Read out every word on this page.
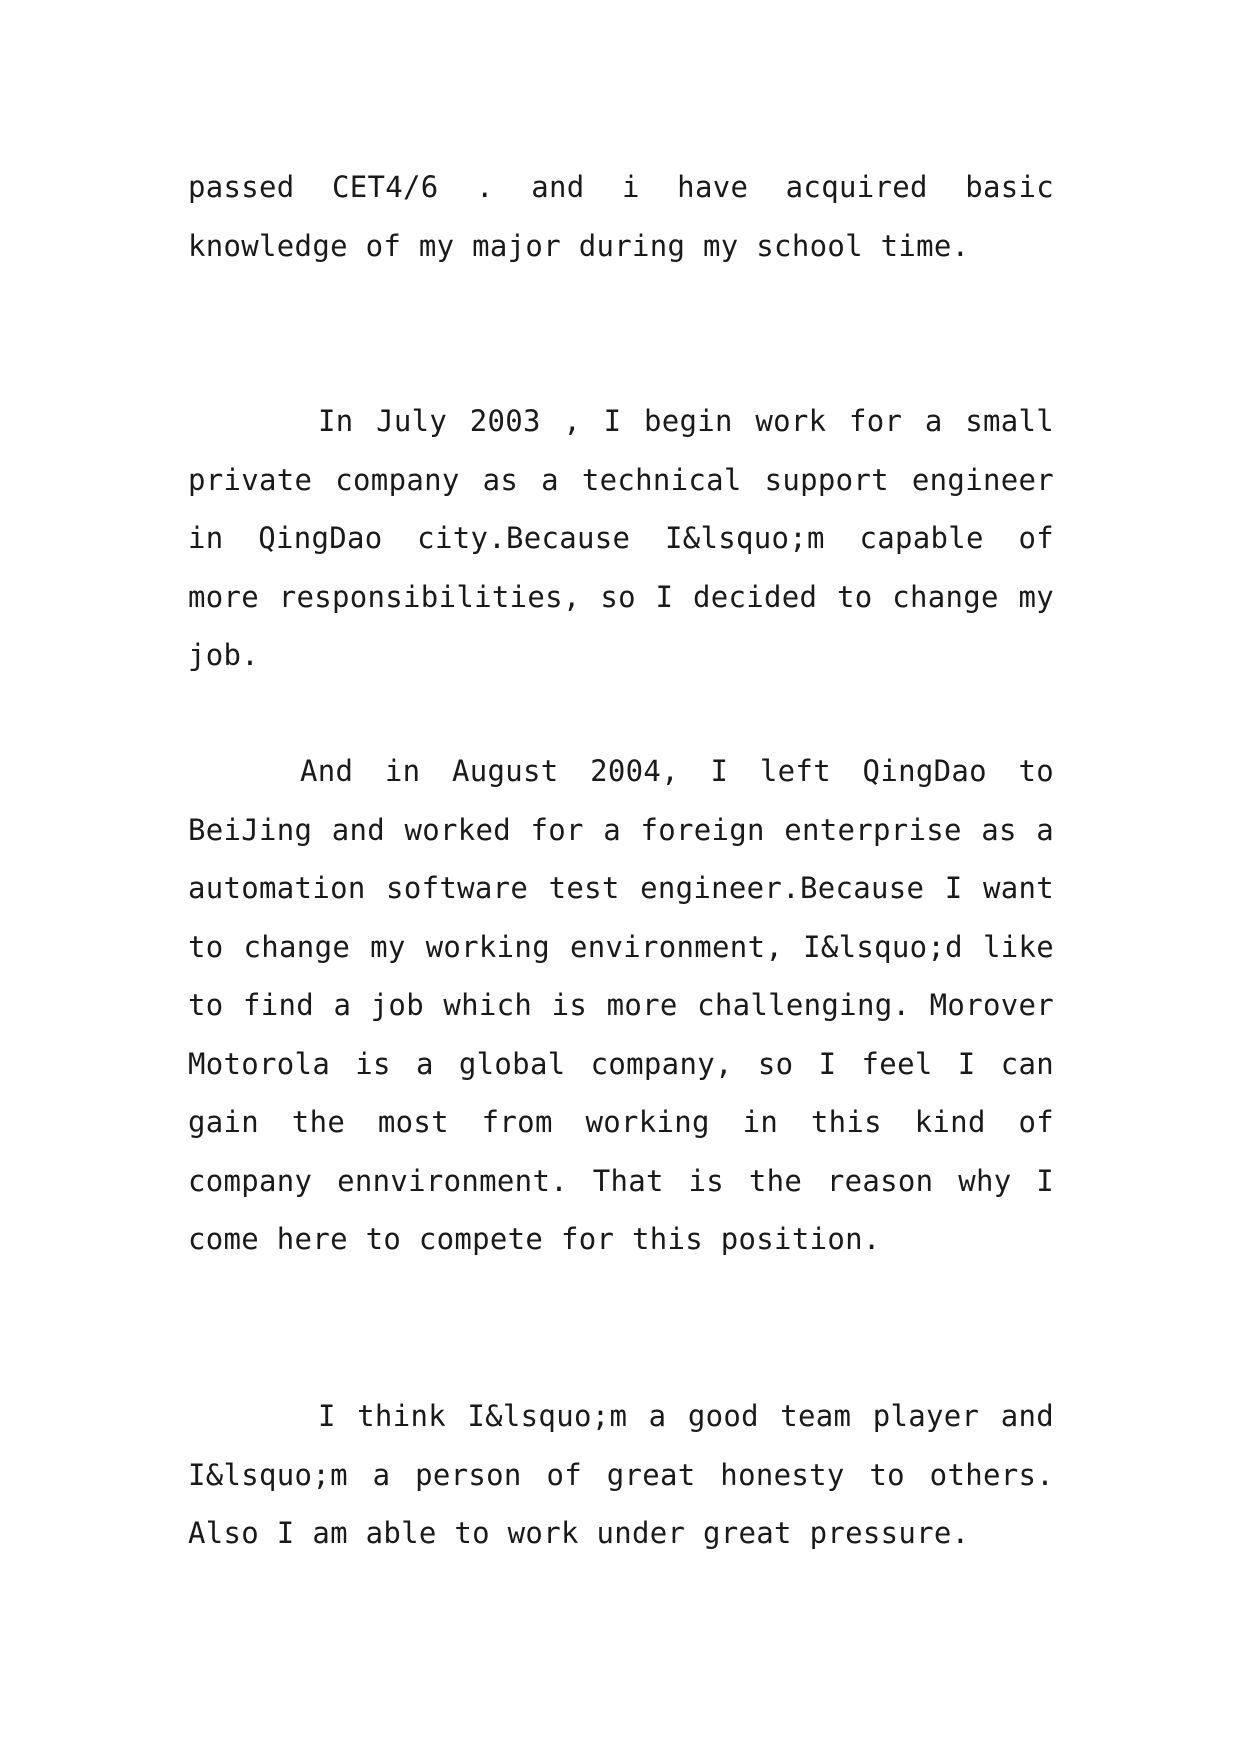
passed CET4/6 . and i have acquired basic knowledge of my major during my school time.

In July 2003 , I begin work for a small private company as a technical support engineer in QingDao city.Because I&lsquo;m capable of more responsibilities, so I decided to change my job.

And in August 2004, I left QingDao to BeiJing and worked for a foreign enterprise as a automation software test engineer.Because I want to change my working environment, I&lsquo;d like to find a job which is more challenging. Morover Motorola is a global company, so I feel I can gain the most from working in this kind of company ennvironment. That is the reason why I come here to compete for this position.

I think I&lsquo;m a good team player and I&lsquo;m a person of great honesty to others. Also I am able to work under great pressure.
